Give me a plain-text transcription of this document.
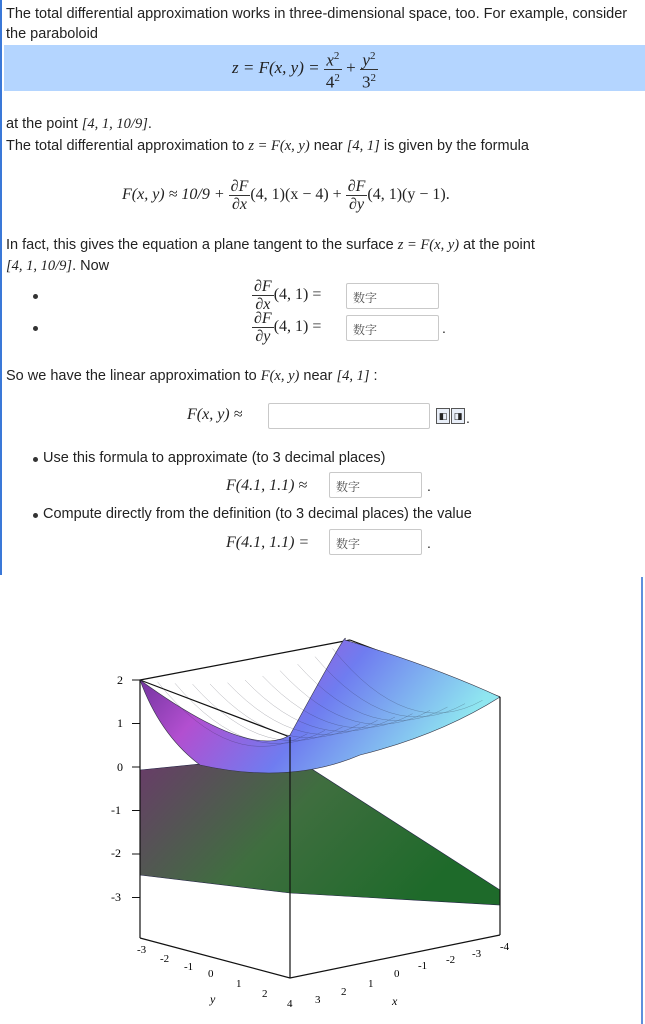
The total differential approximation works in three-dimensional space, too. For example, consider
the paraboloid
z = F(x, $y) = \frac{x^2}{4^2} + \frac{y^2}{3^2}$
at the point [4, 1, 10/9].
The total differential approximation to z = F(x, y) near [4, 1] is given by the formula
F(x, $y) \approx 10/9 + \frac{\partial F}{\partial x} (4$, $1)(x - 4) + \frac{\partial F}{\partial y} (4$, 1)(y − 1).
In fact, this gives the equation a plane tangent to the surface z = F(x, y) at the point
[4, 1, 10/9]. Now
$\frac{\partial F}{\partial x} (4$, 1) =	数字
$\frac{\partial F}{\partial y} (4$, 1) =	数字	.
So we have the linear approximation to F(x, y) near [4, 1] :
F(x, y) ≈	◧ ◨ .
Use this formula to approximate (to 3 decimal places)
F(4.1, 1.1) ≈	数字	.
Compute directly from the definition (to 3 decimal places) the value
F(4.1, 1.1) =	数字	.
2
1
0
-1
-2
-3
-3
-2
-1
0
1
2
4
y	3
2
1
0
-1 -2 -3
-4
x
